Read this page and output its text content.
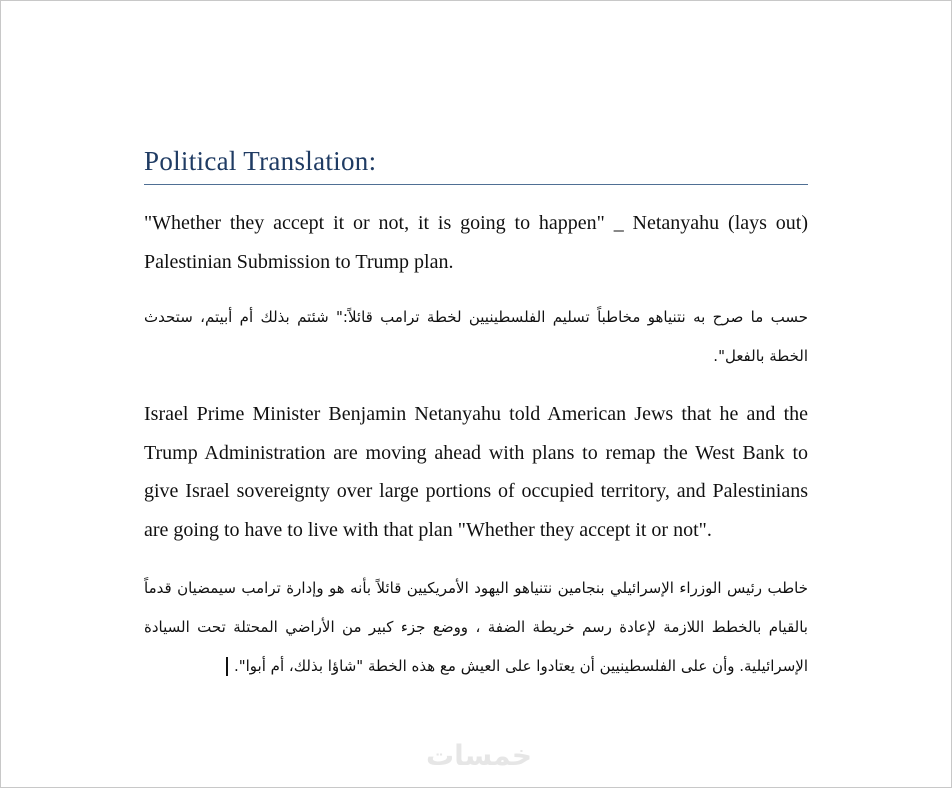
Political Translation:

"Whether they accept it or not, it is going to happen" _ Netanyahu (lays out) Palestinian Submission to Trump plan.

حسب ما صرح به نتنياهو مخاطباً تسليم الفلسطينيين لخطة ترامب قائلاً:" شئتم بذلك أم أبيتم، ستحدث الخطة بالفعل".

Israel Prime Minister Benjamin Netanyahu told American Jews that he and the Trump Administration are moving ahead with plans to remap the West Bank to give Israel sovereignty over large portions of occupied territory, and Palestinians are going to have to live with that plan "Whether they accept it or not".

خاطب رئيس الوزراء الإسرائيلي بنجامين نتنياهو اليهود الأمريكيين قائلاً بأنه هو وإدارة ترامب سيمضيان قدماً بالقيام بالخطط اللازمة لإعادة رسم خريطة الضفة ، ووضع جزء كبير من الأراضي المحتلة تحت السيادة الإسرائيلية. وأن على الفلسطينيين أن يعتادوا على العيش مع هذه الخطة "شاؤا بذلك، أم أبوا".

خمسات
